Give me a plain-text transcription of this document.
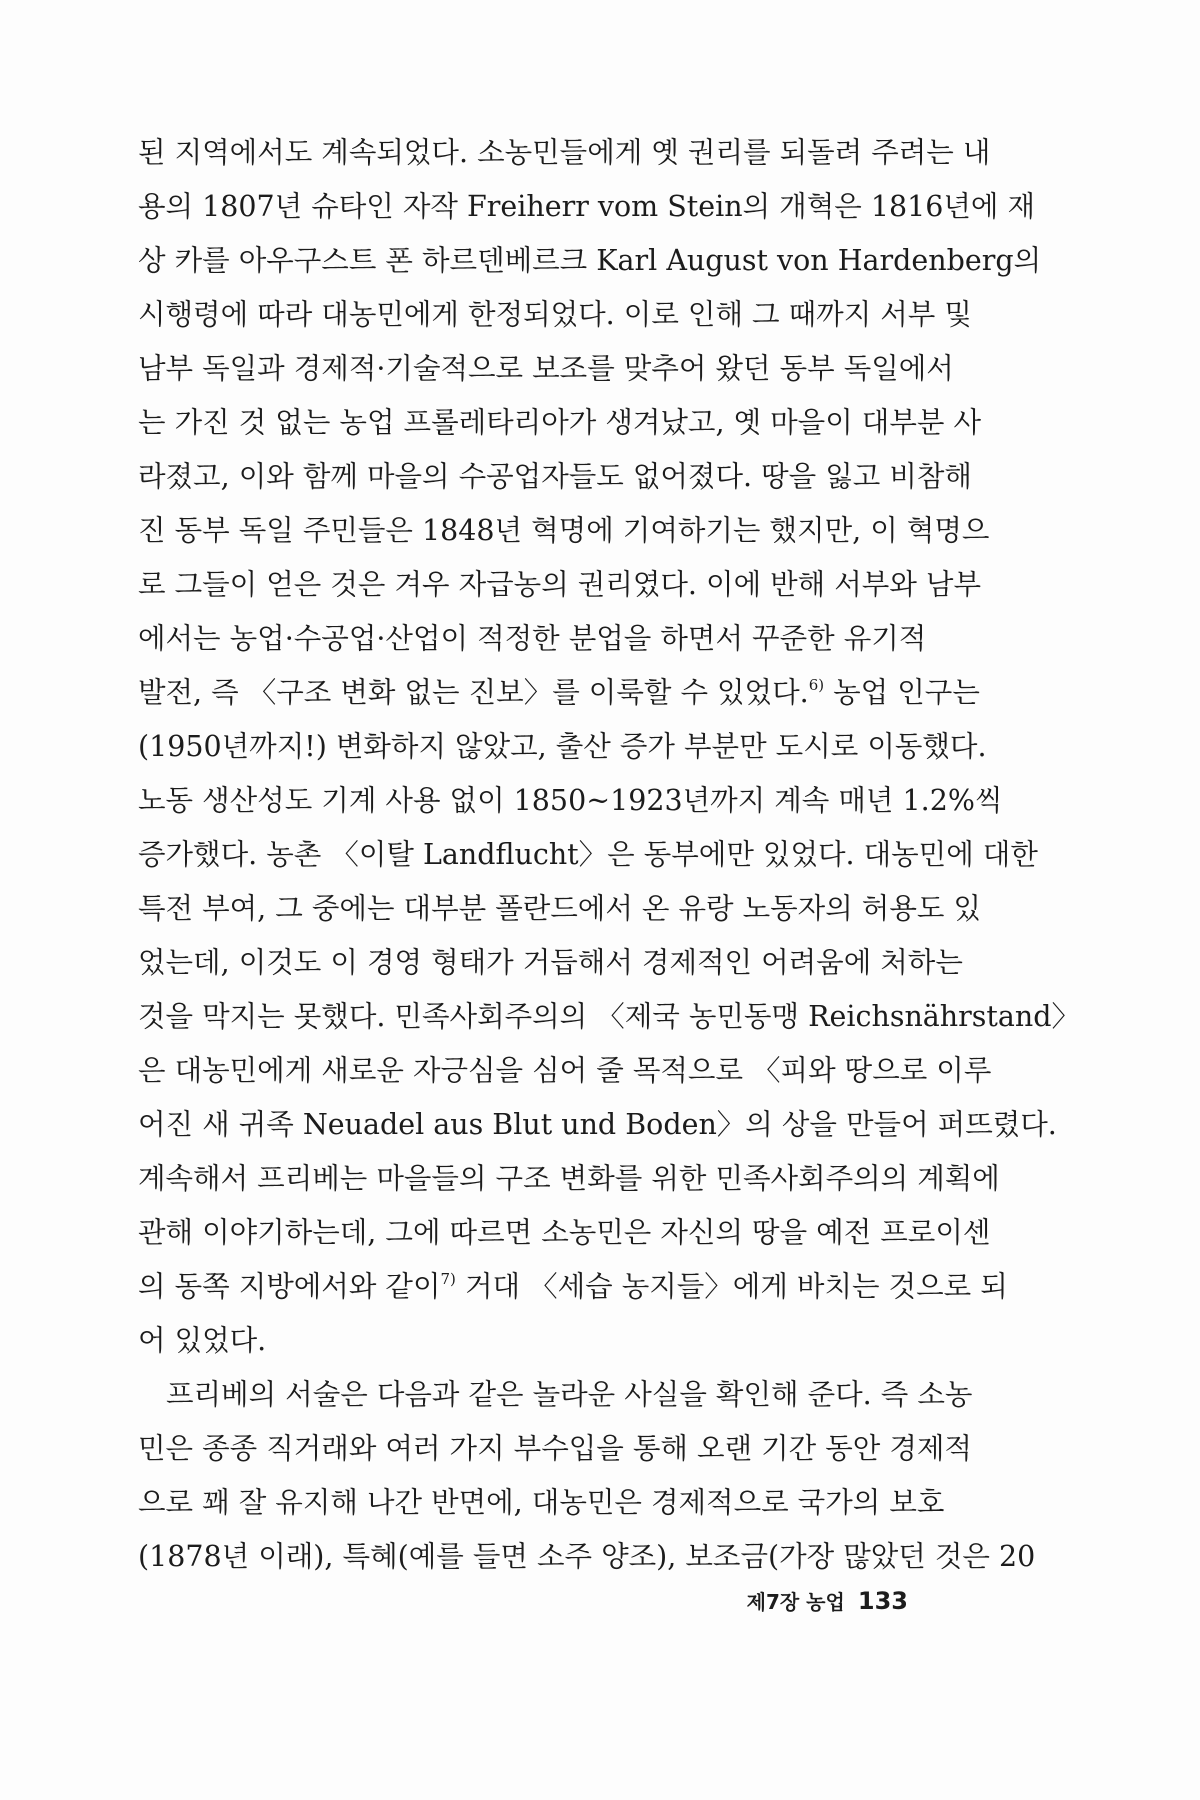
된 지역에서도 계속되었다. 소농민들에게 옛 권리를 되돌려 주려는 내
용의 1807년 슈타인 자작 Freiherr vom Stein의 개혁은 1816년에 재
상 카를 아우구스트 폰 하르덴베르크 Karl August von Hardenberg의
시행령에 따라 대농민에게 한정되었다. 이로 인해 그 때까지 서부 및
남부 독일과 경제적·기술적으로 보조를 맞추어 왔던 동부 독일에서
는 가진 것 없는 농업 프롤레타리아가 생겨났고, 옛 마을이 대부분 사
라졌고, 이와 함께 마을의 수공업자들도 없어졌다. 땅을 잃고 비참해
진 동부 독일 주민들은 1848년 혁명에 기여하기는 했지만, 이 혁명으
로 그들이 얻은 것은 겨우 자급농의 권리였다. 이에 반해 서부와 남부
에서는 농업·수공업·산업이 적정한 분업을 하면서 꾸준한 유기적
발전, 즉 〈구조 변화 없는 진보〉를 이룩할 수 있었다.$^{6)}$ 농업 인구는
(1950년까지!) 변화하지 않았고, 출산 증가 부분만 도시로 이동했다.
노동 생산성도 기계 사용 없이 1850~1923년까지 계속 매년 1.2%씩
증가했다. 농촌 〈이탈 Landflucht〉은 동부에만 있었다. 대농민에 대한
특전 부여, 그 중에는 대부분 폴란드에서 온 유랑 노동자의 허용도 있
었는데, 이것도 이 경영 형태가 거듭해서 경제적인 어려움에 처하는
것을 막지는 못했다. 민족사회주의의 〈제국 농민동맹 Reichsnährstand〉
은 대농민에게 새로운 자긍심을 심어 줄 목적으로 〈피와 땅으로 이루
어진 새 귀족 Neuadel aus Blut und Boden〉의 상을 만들어 퍼뜨렸다.
계속해서 프리베는 마을들의 구조 변화를 위한 민족사회주의의 계획에
관해 이야기하는데, 그에 따르면 소농민은 자신의 땅을 예전 프로이센
의 동쪽 지방에서와 같이$^{7)}$ 거대 〈세습 농지들〉에게 바치는 것으로 되
어 있었다.
프리베의 서술은 다음과 같은 놀라운 사실을 확인해 준다. 즉 소농
민은 종종 직거래와 여러 가지 부수입을 통해 오랜 기간 동안 경제적
으로 꽤 잘 유지해 나간 반면에, 대농민은 경제적으로 국가의 보호
(1878년 이래), 특혜(예를 들면 소주 양조), 보조금(가장 많았던 것은 20
제7장 농업 133
